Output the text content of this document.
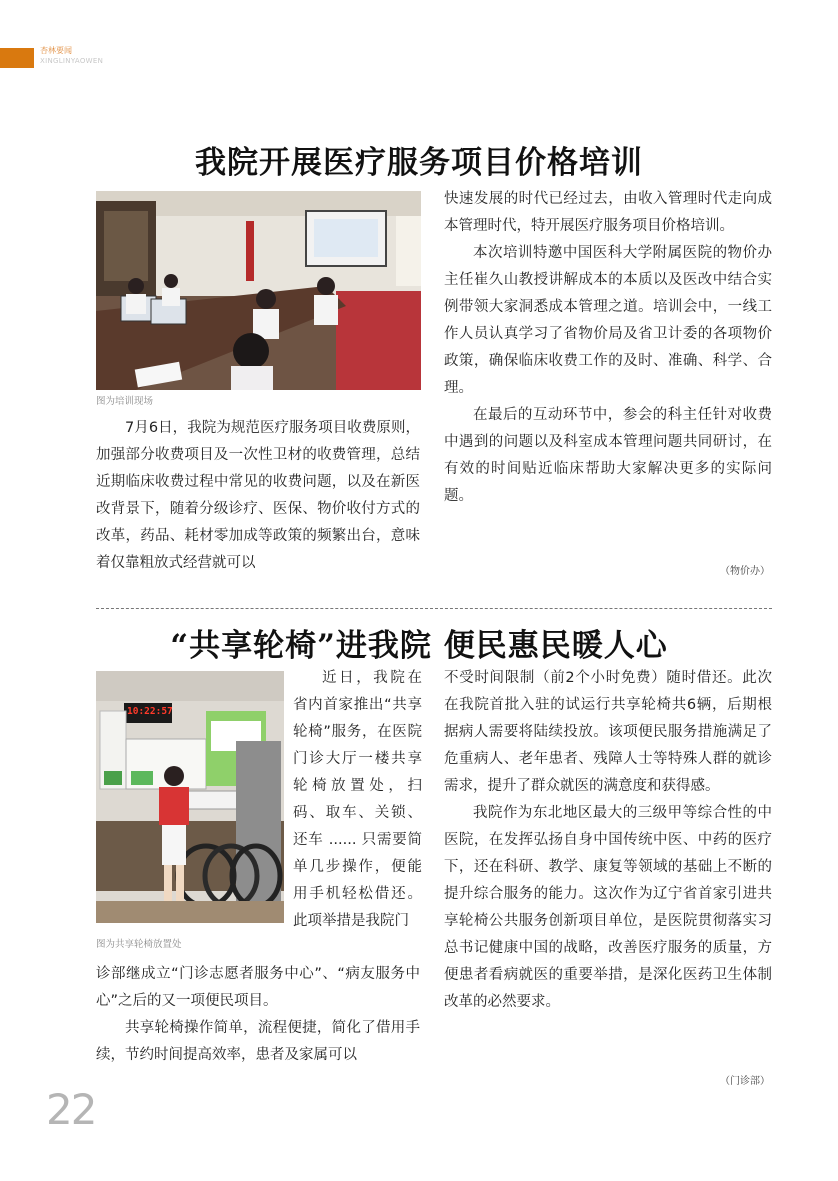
杏林要闻
XINGLINYAOWEN
我院开展医疗服务项目价格培训
图为培训现场

7月6日，我院为规范医疗服务项目收费原则，加强部分收费项目及一次性卫材的收费管理，总结近期临床收费过程中常见的收费问题，以及在新医改背景下，随着分级诊疗、医保、物价收付方式的改革，药品、耗材零加成等政策的频繁出台，意味着仅靠粗放式经营就可以

快速发展的时代已经过去，由收入管理时代走向成本管理时代，特开展医疗服务项目价格培训。

本次培训特邀中国医科大学附属医院的物价办主任崔久山教授讲解成本的本质以及医改中结合实例带领大家洞悉成本管理之道。培训会中，一线工作人员认真学习了省物价局及省卫计委的各项物价政策，确保临床收费工作的及时、准确、科学、合理。

在最后的互动环节中，参会的科主任针对收费中遇到的问题以及科室成本管理问题共同研讨，在有效的时间贴近临床帮助大家解决更多的实际问题。

（物价办）
“共享轮椅”进我院 便民惠民暖人心
10:22:57
图为共享轮椅放置处

近日，我院在省内首家推出“共享轮椅”服务，在医院门诊大厅一楼共享轮椅放置处，扫码、取车、关锁、还车 ...... 只需要简单几步操作，便能用手机轻松借还。此项举措是我院门

诊部继成立“门诊志愿者服务中心”、“病友服务中心”之后的又一项便民项目。

共享轮椅操作简单，流程便捷，简化了借用手续，节约时间提高效率，患者及家属可以

不受时间限制（前2个小时免费）随时借还。此次在我院首批入驻的试运行共享轮椅共6辆，后期根据病人需要将陆续投放。该项便民服务措施满足了危重病人、老年患者、残障人士等特殊人群的就诊需求，提升了群众就医的满意度和获得感。

我院作为东北地区最大的三级甲等综合性的中医院，在发挥弘扬自身中国传统中医、中药的医疗下，还在科研、教学、康复等领域的基础上不断的提升综合服务的能力。这次作为辽宁省首家引进共享轮椅公共服务创新项目单位，是医院贯彻落实习总书记健康中国的战略，改善医疗服务的质量，方便患者看病就医的重要举措，是深化医药卫生体制改革的必然要求。

（门诊部）
22
